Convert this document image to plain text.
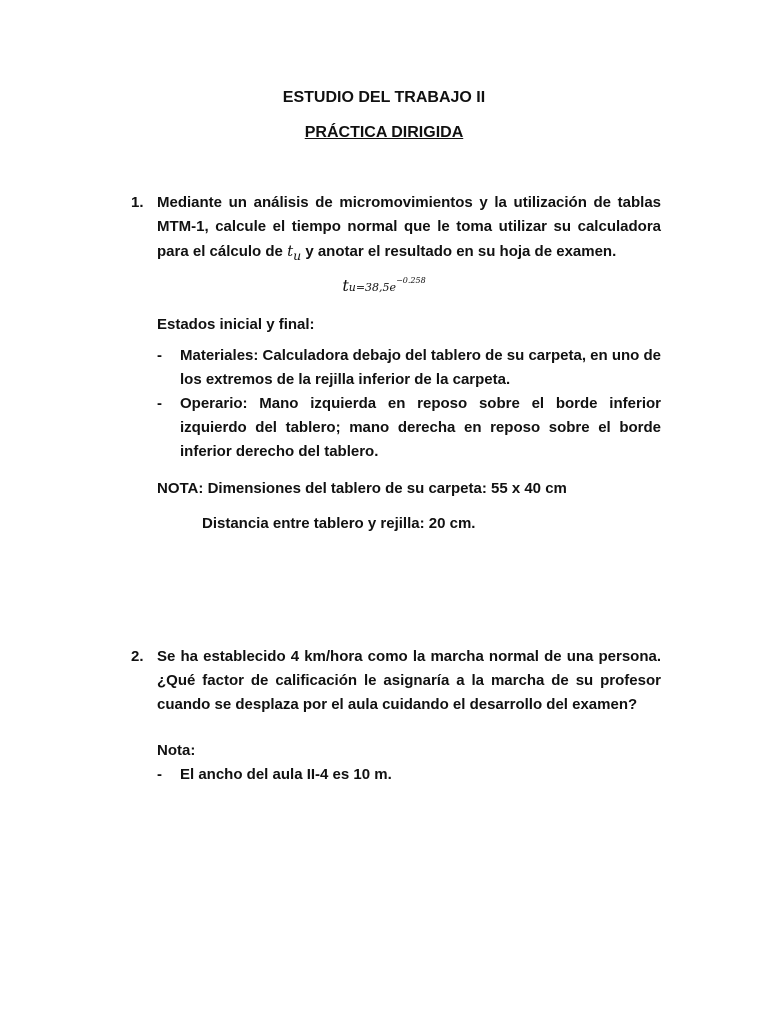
ESTUDIO DEL TRABAJO II
PRÁCTICA DIRIGIDA
1. Mediante un análisis de micromovimientos y la utilización de tablas MTM-1, calcule el tiempo normal que le toma utilizar su calculadora para el cálculo de $t_u$ y anotar el resultado en su hoja de examen.
$tu=38,5e^{-0.258}$
Estados inicial y final:
- Materiales: Calculadora debajo del tablero de su carpeta, en uno de los extremos de la rejilla inferior de la carpeta.
- Operario: Mano izquierda en reposo sobre el borde inferior izquierdo del tablero; mano derecha en reposo sobre el borde inferior derecho del tablero.
NOTA: Dimensiones del tablero de su carpeta: 55 x 40 cm
Distancia entre tablero y rejilla: 20 cm.
2. Se ha establecido 4 km/hora como la marcha normal de una persona. ¿Qué factor de calificación le asignaría a la marcha de su profesor cuando se desplaza por el aula cuidando el desarrollo del examen?
Nota:
- El ancho del aula II-4 es 10 m.
